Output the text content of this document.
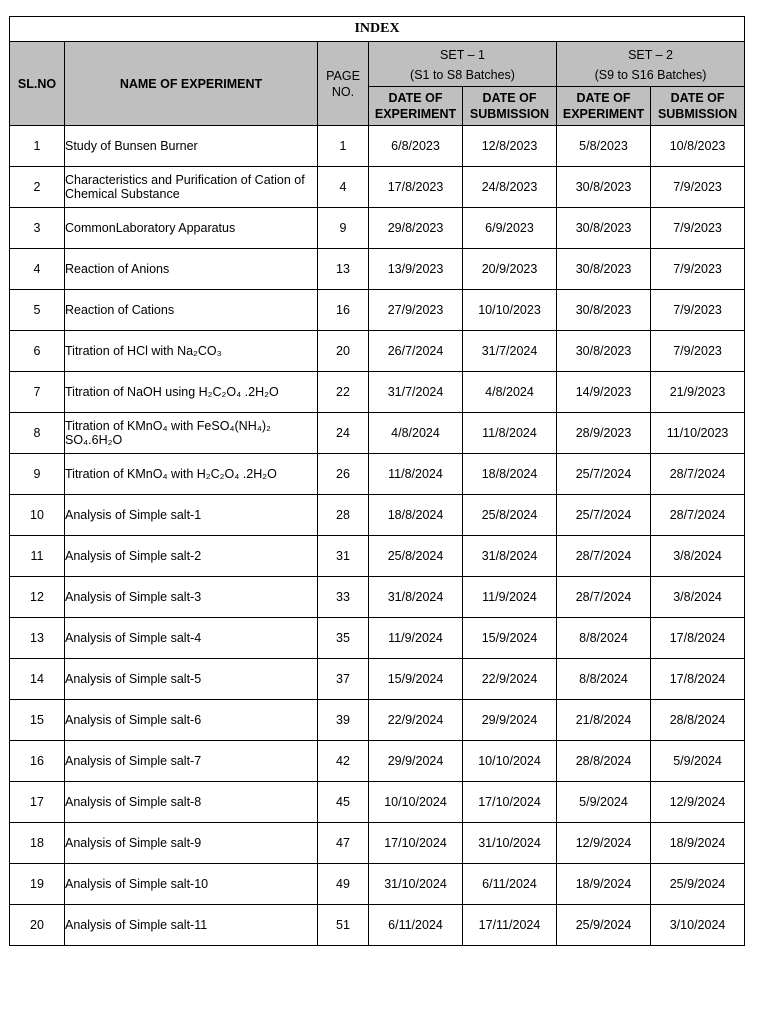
INDEX						
SL.NO	NAME OF EXPERIMENT	PAGE NO.	SET – 1
(S1 to S8 Batches)		SET – 2
(S9 to S16 Batches)	

			DATE OF EXPERIMENT	DATE OF SUBMISSION	DATE OF EXPERIMENT	DATE OF SUBMISSION
1	Study of Bunsen Burner	1	6/8/2023	12/8/2023	5/8/2023	10/8/2023
2	Characteristics and Purification of Cation of Chemical Substance	4	17/8/2023	24/8/2023	30/8/2023	7/9/2023
3	CommonLaboratory Apparatus	9	29/8/2023	6/9/2023	30/8/2023	7/9/2023
4	Reaction of Anions	13	13/9/2023	20/9/2023	30/8/2023	7/9/2023
5	Reaction of Cations	16	27/9/2023	10/10/2023	30/8/2023	7/9/2023
6	Titration of HCl with Na₂CO₃	20	26/7/2024	31/7/2024	30/8/2023	7/9/2023
7	Titration of NaOH using H₂C₂O₄ .2H₂O	22	31/7/2024	4/8/2024	14/9/2023	21/9/2023
8	Titration of KMnO₄ with FeSO₄(NH₄)₂ SO₄.6H₂O	24	4/8/2024	11/8/2024	28/9/2023	11/10/2023
9	Titration of KMnO₄ with H₂C₂O₄ .2H₂O	26	11/8/2024	18/8/2024	25/7/2024	28/7/2024
10	Analysis of Simple salt-1	28	18/8/2024	25/8/2024	25/7/2024	28/7/2024
11	Analysis of Simple salt-2	31	25/8/2024	31/8/2024	28/7/2024	3/8/2024
12	Analysis of Simple salt-3	33	31/8/2024	11/9/2024	28/7/2024	3/8/2024
13	Analysis of Simple salt-4	35	11/9/2024	15/9/2024	8/8/2024	17/8/2024
14	Analysis of Simple salt-5	37	15/9/2024	22/9/2024	8/8/2024	17/8/2024
15	Analysis of Simple salt-6	39	22/9/2024	29/9/2024	21/8/2024	28/8/2024
16	Analysis of Simple salt-7	42	29/9/2024	10/10/2024	28/8/2024	5/9/2024
17	Analysis of Simple salt-8	45	10/10/2024	17/10/2024	5/9/2024	12/9/2024
18	Analysis of Simple salt-9	47	17/10/2024	31/10/2024	12/9/2024	18/9/2024
19	Analysis of Simple salt-10	49	31/10/2024	6/11/2024	18/9/2024	25/9/2024
20	Analysis of Simple salt-11	51	6/11/2024	17/11/2024	25/9/2024	3/10/2024
